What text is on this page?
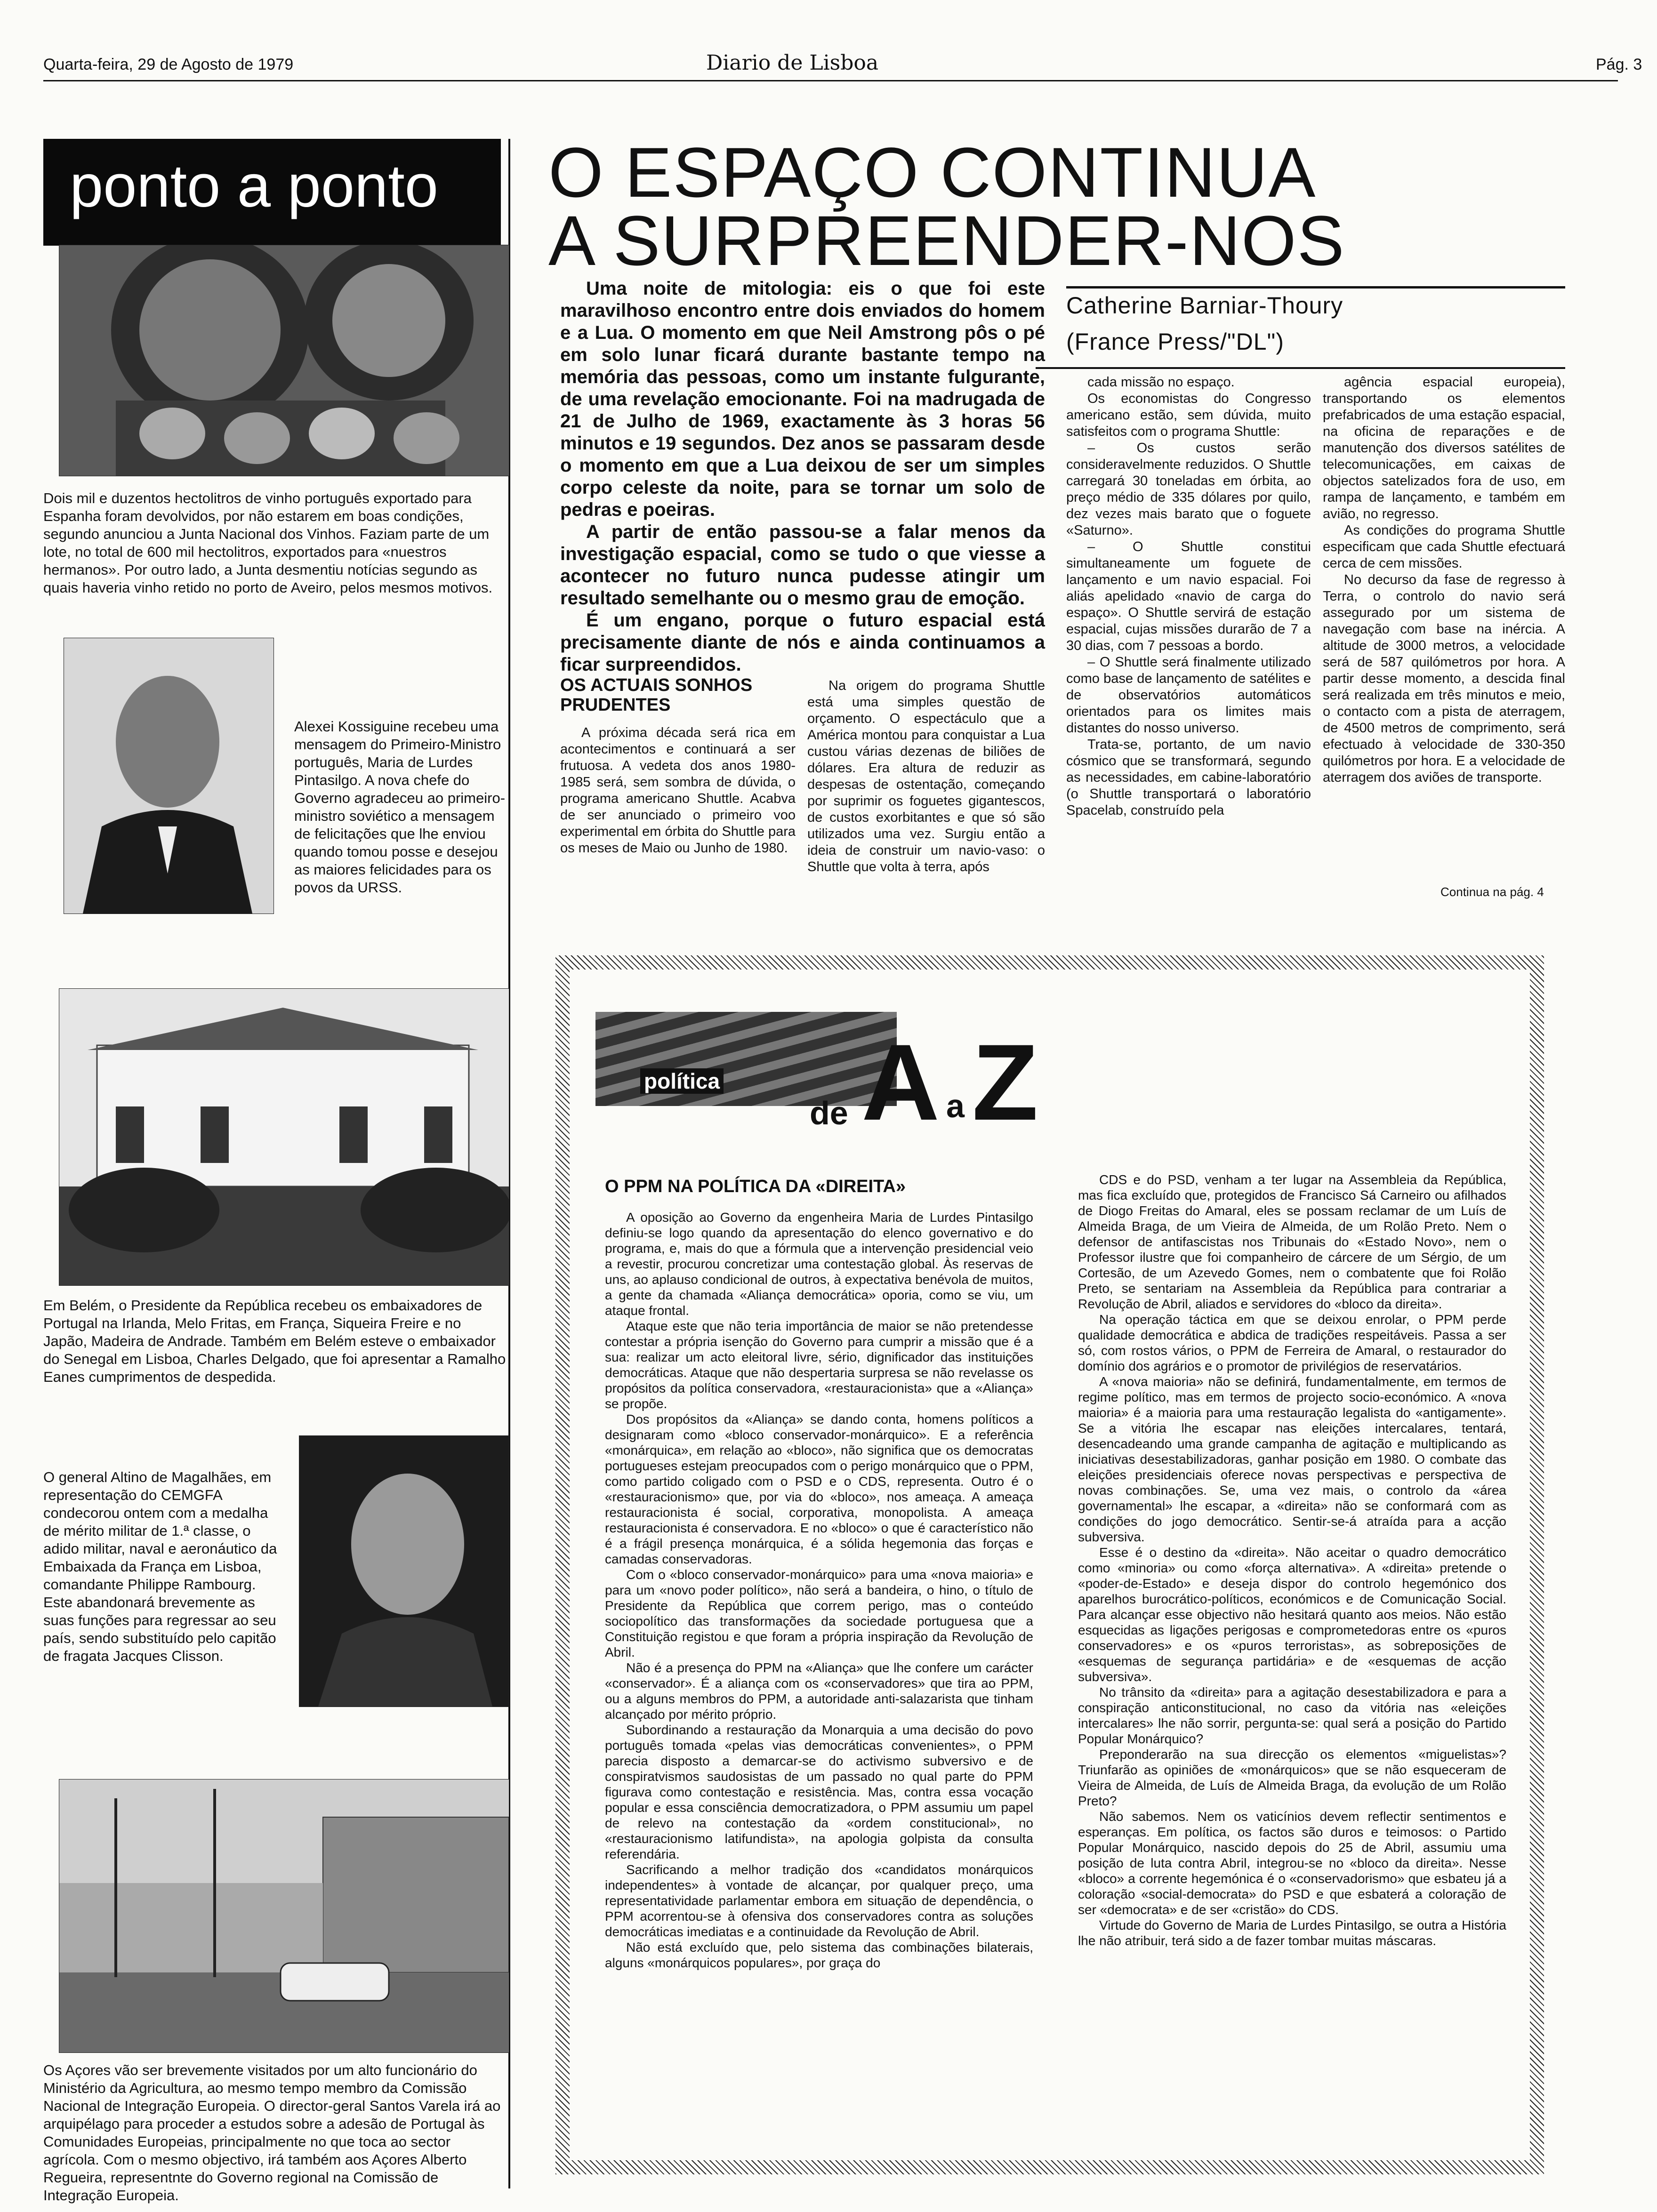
Quarta-feira, 29 de Agosto de 1979	Diario de Lisboa	Pág. 3
ponto a ponto
Dois mil e duzentos hectolitros de vinho português exportado para Espanha foram devolvidos, por não estarem em boas condições, segundo anunciou a Junta Nacional dos Vinhos. Faziam parte de um lote, no total de 600 mil hectolitros, exportados para «nuestros hermanos». Por outro lado, a Junta desmentiu notícias segundo as quais haveria vinho retido no porto de Aveiro, pelos mesmos motivos.
Alexei Kossiguine recebeu uma mensagem do Primeiro-Ministro português, Maria de Lurdes Pintasilgo. A nova chefe do Governo agradeceu ao primeiro-ministro soviético a mensagem de felicitações que lhe enviou quando tomou posse e desejou as maiores felicidades para os povos da URSS.
Em Belém, o Presidente da República recebeu os embaixadores de Portugal na Irlanda, Melo Fritas, em França, Siqueira Freire e no Japão, Madeira de Andrade. Também em Belém esteve o embaixador do Senegal em Lisboa, Charles Delgado, que foi apresentar a Ramalho Eanes cumprimentos de despedida.
O general Altino de Magalhães, em representação do CEMGFA condecorou ontem com a medalha de mérito militar de 1.ª classe, o adido militar, naval e aeronáutico da Embaixada da França em Lisboa, comandante Philippe Rambourg. Este abandonará brevemente as suas funções para regressar ao seu país, sendo substituído pelo capitão de fragata Jacques Clisson.
Os Açores vão ser brevemente visitados por um alto funcionário do Ministério da Agricultura, ao mesmo tempo membro da Comissão Nacional de Integração Europeia. O director-geral Santos Varela irá ao arquipélago para proceder a estudos sobre a adesão de Portugal às Comunidades Europeias, principalmente no que toca ao sector agrícola. Com o mesmo objectivo, irá também aos Açores Alberto Regueira, representnte do Governo regional na Comissão de Integração Europeia.
O ESPAÇO CONTINUA
A SURPREENDER-NOS
Catherine Barniar-Thoury
(France Press/"DL")

Uma noite de mitologia: eis o que foi este maravilhoso encontro entre dois enviados do homem e a Lua. O momento em que Neil Amstrong pôs o pé em solo lunar ficará durante bastante tempo na memória das pessoas, como um instante fulgurante, de uma revelação emocionante. Foi na madrugada de 21 de Julho de 1969, exactamente às 3 horas 56 minutos e 19 segundos. Dez anos se passaram desde o momento em que a Lua deixou de ser um simples corpo celeste da noite, para se tornar um solo de pedras e poeiras.

A partir de então passou-se a falar menos da investigação espacial, como se tudo o que viesse a acontecer no futuro nunca pudesse atingir um resultado semelhante ou o mesmo grau de emoção.

É um engano, porque o futuro espacial está precisamente diante de nós e ainda continuamos a ficar surpreendidos.

OS ACTUAIS SONHOS PRUDENTES

A próxima década será rica em acontecimentos e continuará a ser frutuosa. A vedeta dos anos 1980-1985 será, sem sombra de dúvida, o programa americano Shuttle. Acabva de ser anunciado o primeiro voo experimental em órbita do Shuttle para os meses de Maio ou Junho de 1980.

Na origem do programa Shuttle está uma simples questão de orçamento. O espectáculo que a América montou para conquistar a Lua custou várias dezenas de biliões de dólares. Era altura de reduzir as despesas de ostentação, começando por suprimir os foguetes gigantescos, de custos exorbitantes e que só são utilizados uma vez. Surgiu então a ideia de construir um navio-vaso: o Shuttle que volta à terra, após

cada missão no espaço.

Os economistas do Congresso americano estão, sem dúvida, muito satisfeitos com o programa Shuttle:

– Os custos serão consideravelmente reduzidos. O Shuttle carregará 30 toneladas em órbita, ao preço médio de 335 dólares por quilo, dez vezes mais barato que o foguete «Saturno».

– O Shuttle constitui simultaneamente um foguete de lançamento e um navio espacial. Foi aliás apelidado «navio de carga do espaço». O Shuttle servirá de estação espacial, cujas missões durarão de 7 a 30 dias, com 7 pessoas a bordo.

– O Shuttle será finalmente utilizado como base de lançamento de satélites e de observatórios automáticos orientados para os limites mais distantes do nosso universo.

Trata-se, portanto, de um navio cósmico que se transformará, segundo as necessidades, em cabine-laboratório (o Shuttle transportará o laboratório Spacelab, construído pela

agência espacial europeia), transportando os elementos prefabricados de uma estação espacial, na oficina de reparações e de manutenção dos diversos satélites de telecomunicações, em caixas de objectos satelizados fora de uso, em rampa de lançamento, e também em avião, no regresso.

As condições do programa Shuttle especificam que cada Shuttle efectuará cerca de cem missões.

No decurso da fase de regresso à Terra, o controlo do navio será assegurado por um sistema de navegação com base na inércia. A altitude de 3000 metros, a velocidade será de 587 quilómetros por hora. A partir desse momento, a descida final será realizada em três minutos e meio, o contacto com a pista de aterragem, de 4500 metros de comprimento, será efectuado à velocidade de 330-350 quilómetros por hora. E a velocidade de aterragem dos aviões de transporte.

Continua na pág. 4
política
de A a Z
O PPM NA POLÍTICA DA «DIREITA»

A oposição ao Governo da engenheira Maria de Lurdes Pintasilgo definiu-se logo quando da apresentação do elenco governativo e do programa, e, mais do que a fórmula que a intervenção presidencial veio a revestir, procurou concretizar uma contestação global. Às reservas de uns, ao aplauso condicional de outros, à expectativa benévola de muitos, a gente da chamada «Aliança democrática» oporia, como se viu, um ataque frontal.

Ataque este que não teria importância de maior se não pretendesse contestar a própria isenção do Governo para cumprir a missão que é a sua: realizar um acto eleitoral livre, sério, dignificador das instituições democráticas. Ataque que não despertaria surpresa se não revelasse os propósitos da política conservadora, «restauracionista» que a «Aliança» se propõe.

Dos propósitos da «Aliança» se dando conta, homens políticos a designaram como «bloco conservador-monárquico». E a referência «monárquica», em relação ao «bloco», não significa que os democratas portugueses estejam preocupados com o perigo monárquico que o PPM, como partido coligado com o PSD e o CDS, representa. Outro é o «restauracionismo» que, por via do «bloco», nos ameaça. A ameaça restauracionista é social, corporativa, monopolista. A ameaça restauracionista é conservadora. E no «bloco» o que é característico não é a frágil presença monárquica, é a sólida hegemonia das forças e camadas conservadoras.

Com o «bloco conservador-monárquico» para uma «nova maioria» e para um «novo poder político», não será a bandeira, o hino, o título de Presidente da República que correm perigo, mas o conteúdo sociopolítico das transformações da sociedade portuguesa que a Constituição registou e que foram a própria inspiração da Revolução de Abril.

Não é a presença do PPM na «Aliança» que lhe confere um carácter «conservador». É a aliança com os «conservadores» que tira ao PPM, ou a alguns membros do PPM, a autoridade anti-salazarista que tinham alcançado por mérito próprio.

Subordinando a restauração da Monarquia a uma decisão do povo português tomada «pelas vias democráticas convenientes», o PPM parecia disposto a demarcar-se do activismo subversivo e de conspiratvismos saudosistas de um passado no qual parte do PPM figurava como contestação e resistência. Mas, contra essa vocação popular e essa consciência democratizadora, o PPM assumiu um papel de relevo na contestação da «ordem constitucional», no «restauracionismo latifundista», na apologia golpista da consulta referendária.

Sacrificando a melhor tradição dos «candidatos monárquicos independentes» à vontade de alcançar, por qualquer preço, uma representatividade parlamentar embora em situação de dependência, o PPM acorrentou-se à ofensiva dos conservadores contra as soluções democráticas imediatas e a continuidade da Revolução de Abril.

Não está excluído que, pelo sistema das combinações bilaterais, alguns «monárquicos populares», por graça do

CDS e do PSD, venham a ter lugar na Assembleia da República, mas fica excluído que, protegidos de Francisco Sá Carneiro ou afilhados de Diogo Freitas do Amaral, eles se possam reclamar de um Luís de Almeida Braga, de um Vieira de Almeida, de um Rolão Preto. Nem o defensor de antifascistas nos Tribunais do «Estado Novo», nem o Professor ilustre que foi companheiro de cárcere de um Sérgio, de um Cortesão, de um Azevedo Gomes, nem o combatente que foi Rolão Preto, se sentariam na Assembleia da República para contrariar a Revolução de Abril, aliados e servidores do «bloco da direita».

Na operação táctica em que se deixou enrolar, o PPM perde qualidade democrática e abdica de tradições respeitáveis. Passa a ser só, com rostos vários, o PPM de Ferreira de Amaral, o restaurador do domínio dos agrários e o promotor de privilégios de reservatários.

A «nova maioria» não se definirá, fundamentalmente, em termos de regime político, mas em termos de projecto socio-económico. A «nova maioria» é a maioria para uma restauração legalista do «antigamente». Se a vitória lhe escapar nas eleições intercalares, tentará, desencadeando uma grande campanha de agitação e multiplicando as iniciativas desestabilizadoras, ganhar posição em 1980. O combate das eleições presidenciais oferece novas perspectivas e perspectiva de novas combinações. Se, uma vez mais, o controlo da «área governamental» lhe escapar, a «direita» não se conformará com as condições do jogo democrático. Sentir-se-á atraída para a acção subversiva.

Esse é o destino da «direita». Não aceitar o quadro democrático como «minoria» ou como «força alternativa». A «direita» pretende o «poder-de-Estado» e deseja dispor do controlo hegemónico dos aparelhos burocrático-políticos, económicos e de Comunicação Social. Para alcançar esse objectivo não hesitará quanto aos meios. Não estão esquecidas as ligações perigosas e comprometedoras entre os «puros conservadores» e os «puros terroristas», as sobreposições de «esquemas de segurança partidária» e de «esquemas de acção subversiva».

No trânsito da «direita» para a agitação desestabilizadora e para a conspiração anticonstitucional, no caso da vitória nas «eleições intercalares» lhe não sorrir, pergunta-se: qual será a posição do Partido Popular Monárquico?

Preponderarão na sua direcção os elementos «miguelistas»? Triunfarão as opiniões de «monárquicos» que se não esqueceram de Vieira de Almeida, de Luís de Almeida Braga, da evolução de um Rolão Preto?

Não sabemos. Nem os vaticínios devem reflectir sentimentos e esperanças. Em política, os factos são duros e teimosos: o Partido Popular Monárquico, nascido depois do 25 de Abril, assumiu uma posição de luta contra Abril, integrou-se no «bloco da direita». Nesse «bloco» a corrente hegemónica é o «conservadorismo» que esbateu já a coloração «social-democrata» do PSD e que esbaterá a coloração de ser «democrata» e de ser «cristão» do CDS.

Virtude do Governo de Maria de Lurdes Pintasilgo, se outra a História lhe não atribuir, terá sido a de fazer tombar muitas máscaras.
